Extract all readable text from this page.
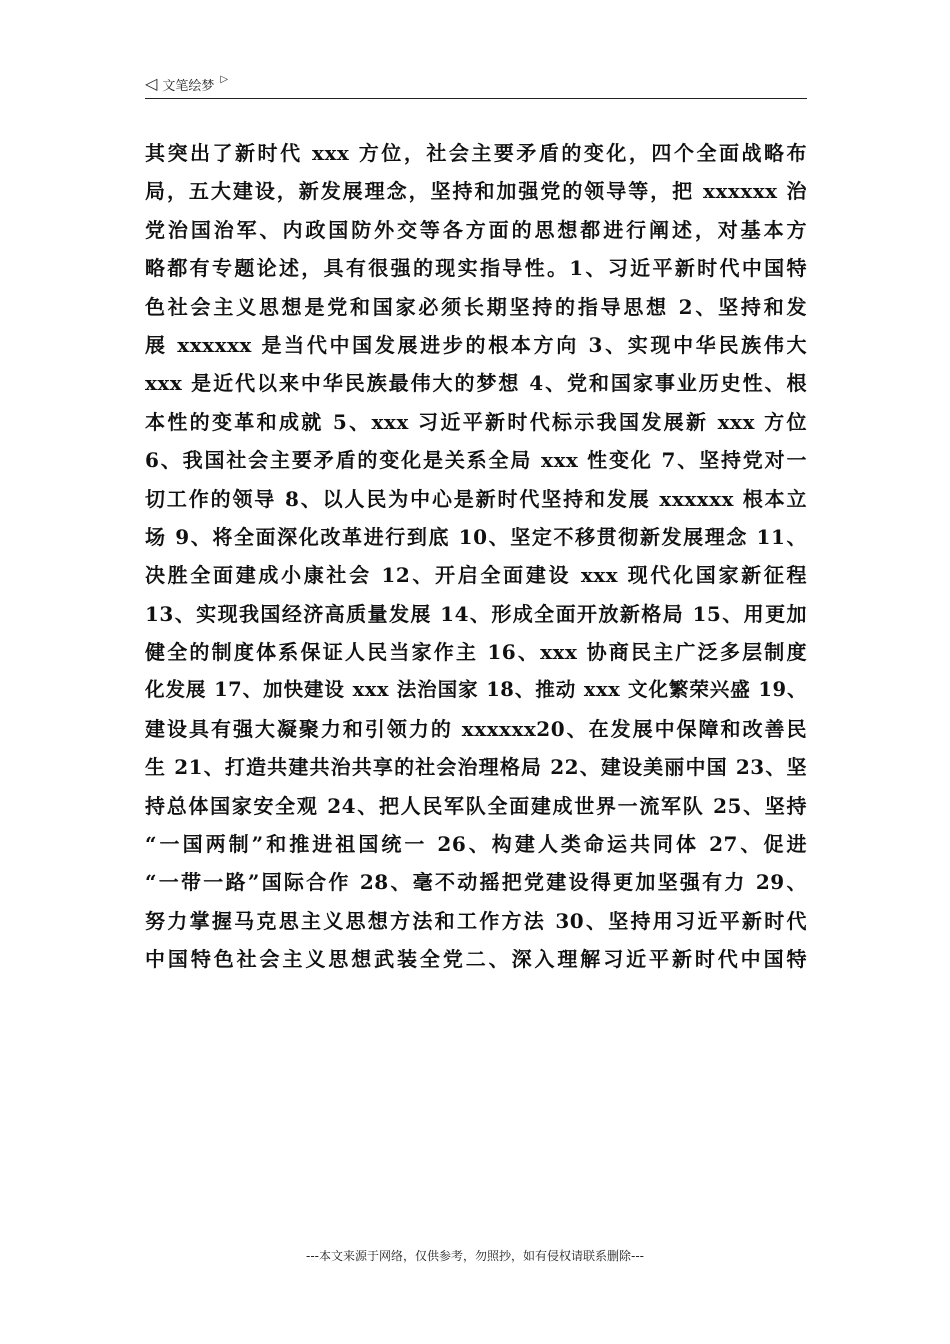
◁ 文笔绘梦 ▷
其突出了新时代 xxx 方位，社会主要矛盾的变化，四个全面战略布
局，五大建设，新发展理念，坚持和加强党的领导等，把 xxxxxx 治
党治国治军、内政国防外交等各方面的思想都进行阐述，对基本方
略都有专题论述，具有很强的现实指导性。1、习近平新时代中国特
色社会主义思想是党和国家必须长期坚持的指导思想 2、坚持和发
展 xxxxxx 是当代中国发展进步的根本方向 3、实现中华民族伟大
xxx 是近代以来中华民族最伟大的梦想 4、党和国家事业历史性、根
本性的变革和成就 5、xxx 习近平新时代标示我国发展新 xxx 方位
6、我国社会主要矛盾的变化是关系全局 xxx 性变化 7、坚持党对一
切工作的领导 8、以人民为中心是新时代坚持和发展 xxxxxx 根本立
场 9、将全面深化改革进行到底 10、坚定不移贯彻新发展理念 11、
决胜全面建成小康社会 12、开启全面建设 xxx 现代化国家新征程
13、实现我国经济高质量发展 14、形成全面开放新格局 15、用更加
健全的制度体系保证人民当家作主 16、xxx 协商民主广泛多层制度
化发展 17、加快建设 xxx 法治国家 18、推动 xxx 文化繁荣兴盛 19、
建设具有强大凝聚力和引领力的 xxxxxx20、在发展中保障和改善民
生 21、打造共建共治共享的社会治理格局 22、建设美丽中国 23、坚
持总体国家安全观 24、把人民军队全面建成世界一流军队 25、坚持
“一国两制”和推进祖国统一 26、构建人类命运共同体 27、促进
“一带一路”国际合作 28、毫不动摇把党建设得更加坚强有力 29、
努力掌握马克思主义思想方法和工作方法 30、坚持用习近平新时代
中国特色社会主义思想武装全党二、深入理解习近平新时代中国特
---本文来源于网络，仅供参考，勿照抄，如有侵权请联系删除---
